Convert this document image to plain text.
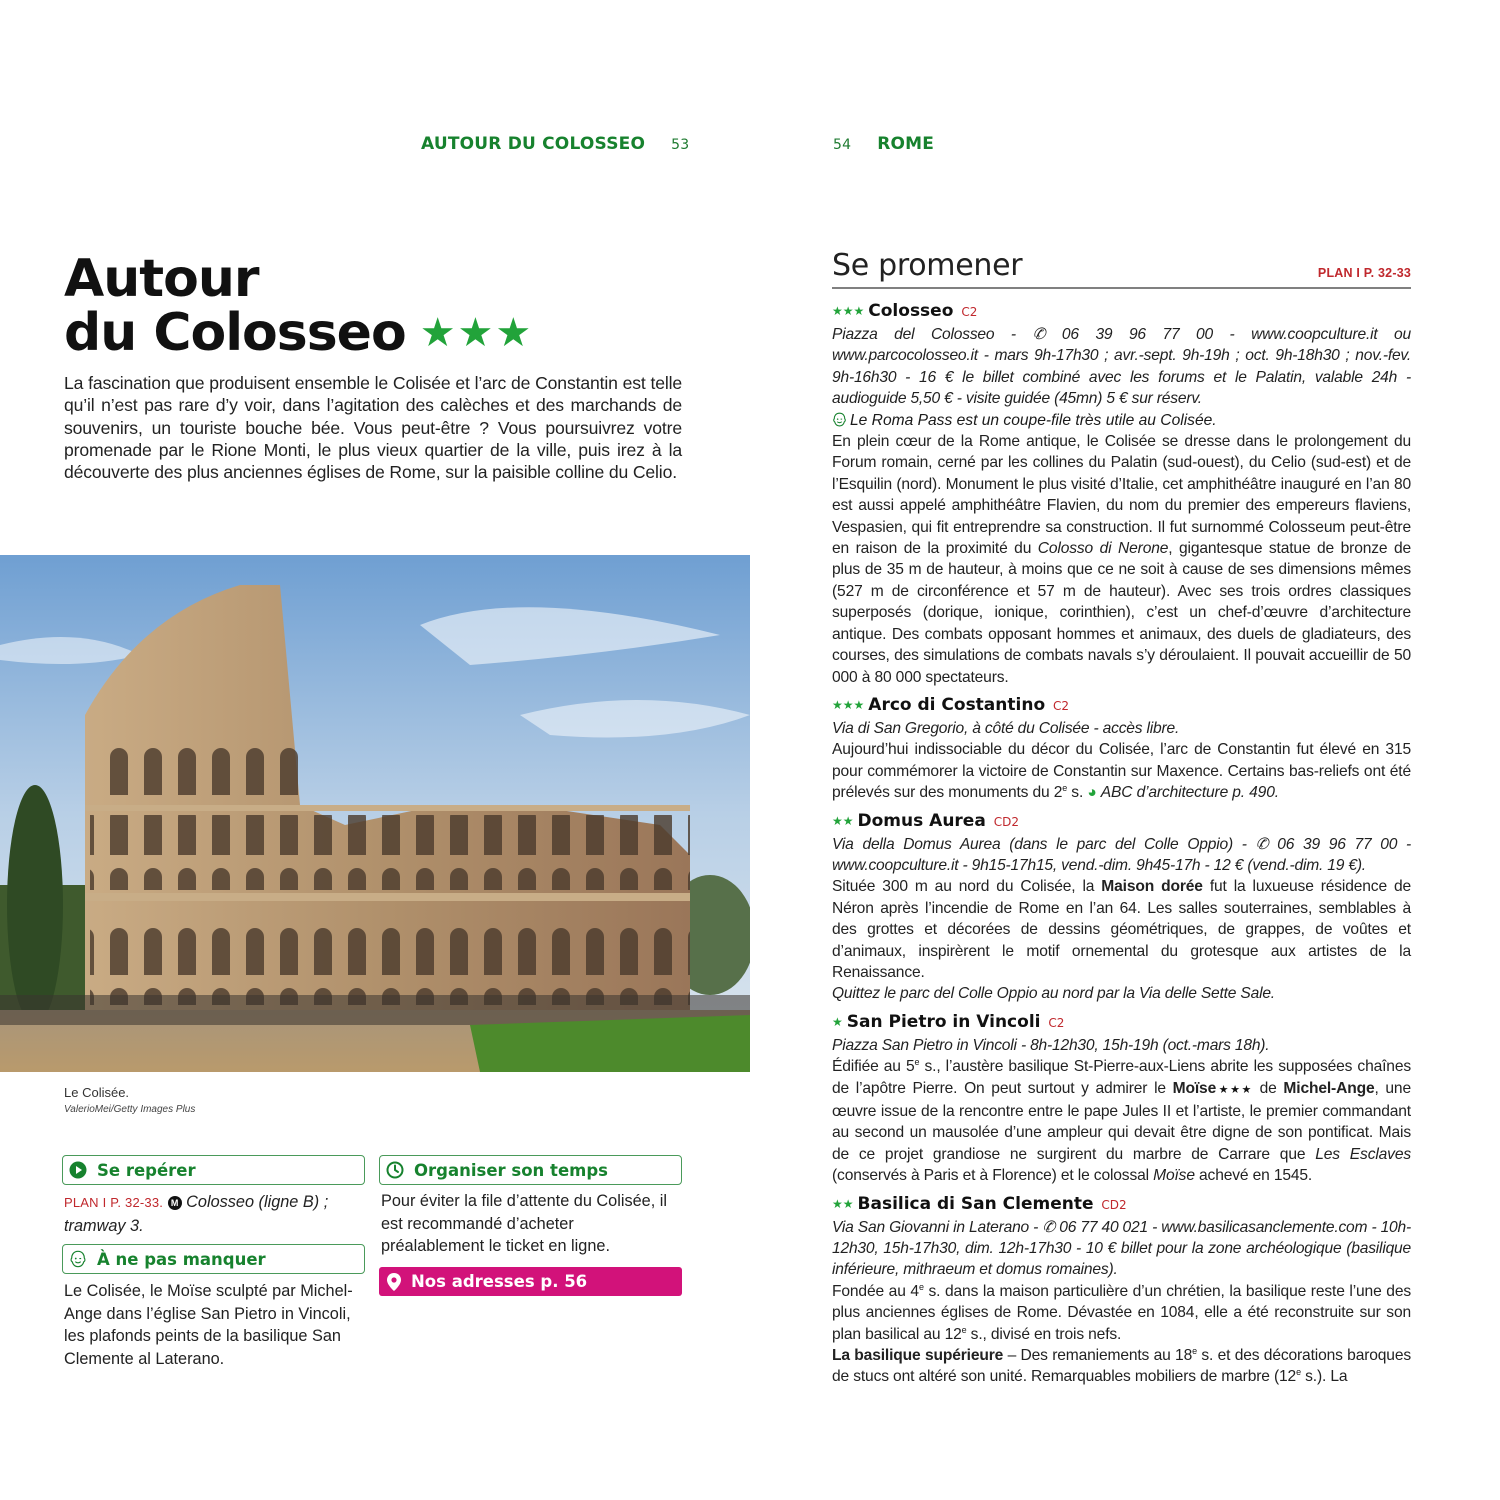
AUTOUR DU COLOSSEO 53	54 ROME
Autour
du Colosseo ★★★

La fascination que produisent ensemble le Colisée et l’arc de Constantin est telle qu’il n’est pas rare d’y voir, dans l’agitation des calèches et des marchands de souvenirs, un touriste bouche bée. Vous peut-être ? Vous poursuivrez votre promenade par le Rione Monti, le plus vieux quartier de la ville, puis irez à la découverte des plus anciennes églises de Rome, sur la paisible colline du Celio.

Le Colisée.
ValerioMei/Getty Images Plus
Se repérer
PLAN I P. 32-33. M Colosseo (ligne B) ;
tramway 3.
À ne pas manquer
Le Colisée, le Moïse sculpté par Michel-Ange dans l’église San Pietro in Vincoli, les plafonds peints de la basilique San Clemente al Laterano.
Organiser son temps
Pour éviter la file d’attente du Colisée, il est recommandé d’acheter préalablement le ticket en ligne.
Nos adresses p. 56
Se promener	PLAN I P. 32-33
★★★ Colosseo C2
Piazza del Colosseo - ✆ 06 39 96 77 00 - www.coopculture.it ou www.parcocolosseo.it - mars 9h-17h30 ; avr.-sept. 9h-19h ; oct. 9h-18h30 ; nov.-fev. 9h-16h30 - 16 € le billet combiné avec les forums et le Palatin, valable 24h - audioguide 5,50 € - visite guidée (45mn) 5 € sur réserv.
Le Roma Pass est un coupe-file très utile au Colisée.
En plein cœur de la Rome antique, le Colisée se dresse dans le prolongement du Forum romain, cerné par les collines du Palatin (sud-ouest), du Celio (sud-est) et de l’Esquilin (nord). Monument le plus visité d’Italie, cet amphithéâtre inauguré en l’an 80 est aussi appelé amphithéâtre Flavien, du nom du premier des empereurs flaviens, Vespasien, qui fit entreprendre sa construction. Il fut surnommé Colosseum peut-être en raison de la proximité du Colosso di Nerone, gigantesque statue de bronze de plus de 35 m de hauteur, à moins que ce ne soit à cause de ses dimensions mêmes (527 m de circonférence et 57 m de hauteur). Avec ses trois ordres classiques superposés (dorique, ionique, corinthien), c’est un chef-d’œuvre d’architecture antique. Des combats opposant hommes et animaux, des duels de gladiateurs, des courses, des simulations de combats navals s’y déroulaient. Il pouvait accueillir de 50 000 à 80 000 spectateurs.
★★★ Arco di Costantino C2
Via di San Gregorio, à côté du Colisée - accès libre.
Aujourd’hui indissociable du décor du Colisée, l’arc de Constantin fut élevé en 315 pour commémorer la victoire de Constantin sur Maxence. Certains bas-reliefs ont été prélevés sur des monuments du 2e s. ◕ ABC d’architecture p. 490.
★★ Domus Aurea CD2
Via della Domus Aurea (dans le parc del Colle Oppio) - ✆ 06 39 96 77 00 - www.coopculture.it - 9h15-17h15, vend.-dim. 9h45-17h - 12 € (vend.-dim. 19 €).
Située 300 m au nord du Colisée, la Maison dorée fut la luxueuse résidence de Néron après l’incendie de Rome en l’an 64. Les salles souterraines, semblables à des grottes et décorées de dessins géométriques, de grappes, de voûtes et d’animaux, inspirèrent le motif ornemental du grotesque aux artistes de la Renaissance.
Quittez le parc del Colle Oppio au nord par la Via delle Sette Sale.
★ San Pietro in Vincoli C2
Piazza San Pietro in Vincoli - 8h-12h30, 15h-19h (oct.-mars 18h).
Édifiée au 5e s., l’austère basilique St-Pierre-aux-Liens abrite les supposées chaînes de l’apôtre Pierre. On peut surtout y admirer le Moïse★★★ de Michel-Ange, une œuvre issue de la rencontre entre le pape Jules II et l’artiste, le premier commandant au second un mausolée d’une ampleur qui devait être digne de son pontificat. Mais de ce projet grandiose ne surgirent du marbre de Carrare que Les Esclaves (conservés à Paris et à Florence) et le colossal Moïse achevé en 1545.
★★ Basilica di San Clemente CD2
Via San Giovanni in Laterano - ✆ 06 77 40 021 - www.basilicasanclemente.com - 10h-12h30, 15h-17h30, dim. 12h-17h30 - 10 € billet pour la zone archéologique (basilique inférieure, mithraeum et domus romaines).
Fondée au 4e s. dans la maison particulière d’un chrétien, la basilique reste l’une des plus anciennes églises de Rome. Dévastée en 1084, elle a été reconstruite sur son plan basilical au 12e s., divisé en trois nefs.
La basilique supérieure – Des remaniements au 18e s. et des décorations baroques de stucs ont altéré son unité. Remarquables mobiliers de marbre (12e s.). La
